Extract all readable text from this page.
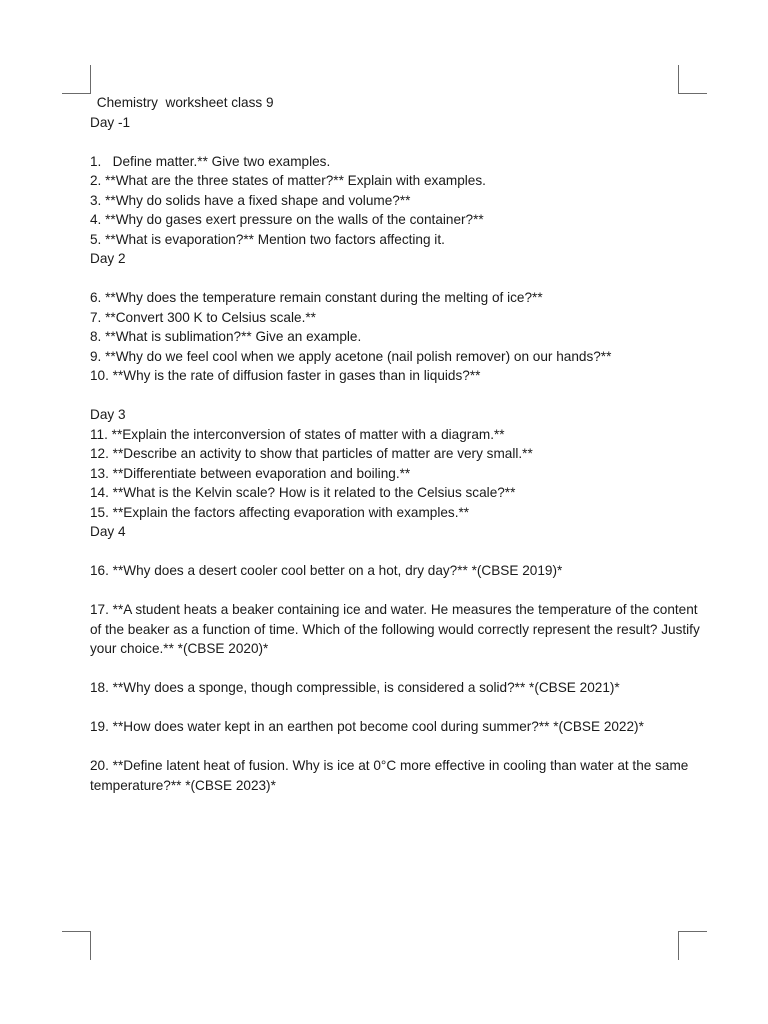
Chemistry  worksheet class 9
Day -1
1.   Define matter.** Give two examples.
2. **What are the three states of matter?** Explain with examples.
3. **Why do solids have a fixed shape and volume?**
4. **Why do gases exert pressure on the walls of the container?**
5. **What is evaporation?** Mention two factors affecting it.
Day 2
6. **Why does the temperature remain constant during the melting of ice?**
7. **Convert 300 K to Celsius scale.**
8. **What is sublimation?** Give an example.
9. **Why do we feel cool when we apply acetone (nail polish remover) on our hands?**
10. **Why is the rate of diffusion faster in gases than in liquids?**
Day 3
11. **Explain the interconversion of states of matter with a diagram.**
12. **Describe an activity to show that particles of matter are very small.**
13. **Differentiate between evaporation and boiling.**
14. **What is the Kelvin scale? How is it related to the Celsius scale?**
15. **Explain the factors affecting evaporation with examples.**
Day 4
16. **Why does a desert cooler cool better on a hot, dry day?** *(CBSE 2019)*
17. **A student heats a beaker containing ice and water. He measures the temperature of the content of the beaker as a function of time. Which of the following would correctly represent the result? Justify your choice.** *(CBSE 2020)*
18. **Why does a sponge, though compressible, is considered a solid?** *(CBSE 2021)*
19. **How does water kept in an earthen pot become cool during summer?** *(CBSE 2022)*
20. **Define latent heat of fusion. Why is ice at 0°C more effective in cooling than water at the same temperature?** *(CBSE 2023)*
